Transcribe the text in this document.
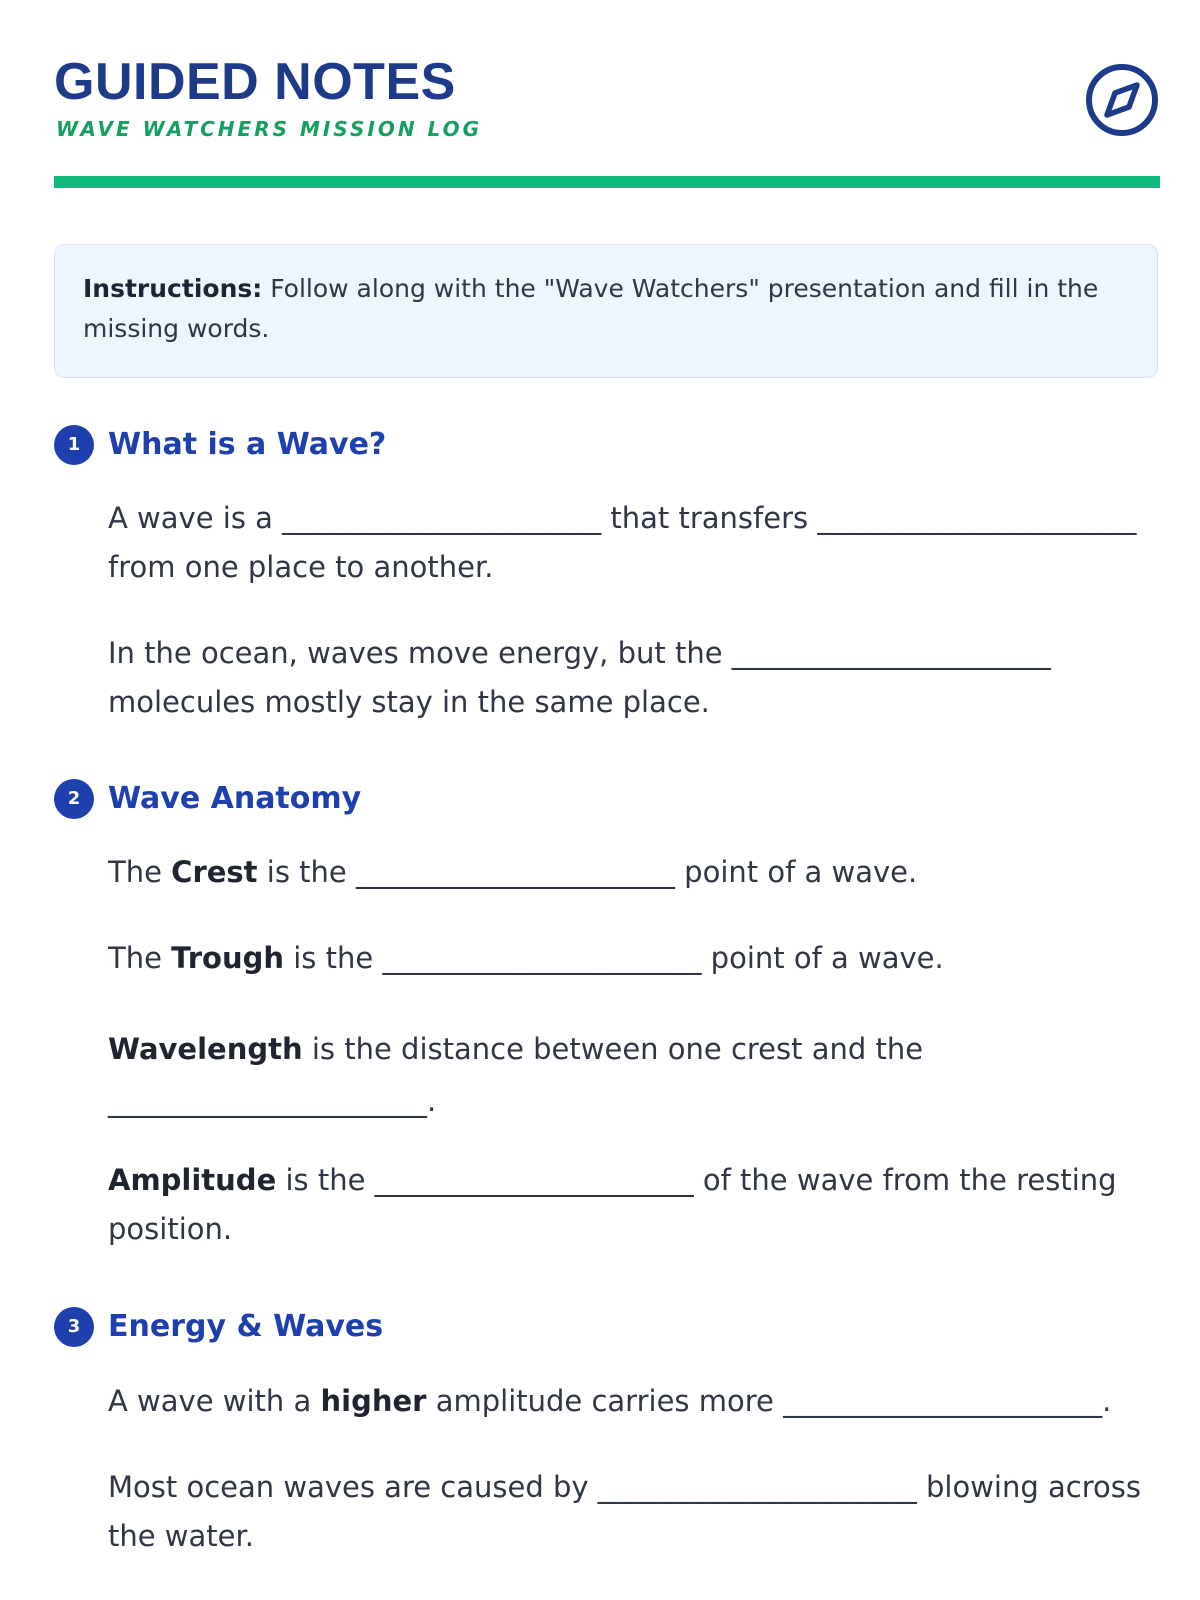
GUIDED NOTES
WAVE WATCHERS MISSION LOG
Instructions: Follow along with the "Wave Watchers" presentation and fill in the missing words.
1 What is a Wave?
A wave is a ______________________ that transfers ______________________ from one place to another.
In the ocean, waves move energy, but the ______________________ molecules mostly stay in the same place.
2 Wave Anatomy
The Crest is the ______________________ point of a wave.
The Trough is the ______________________ point of a wave.
Wavelength is the distance between one crest and the ______________________.
Amplitude is the ______________________ of the wave from the resting position.
3 Energy & Waves
A wave with a higher amplitude carries more ______________________.
Most ocean waves are caused by ______________________ blowing across the water.
